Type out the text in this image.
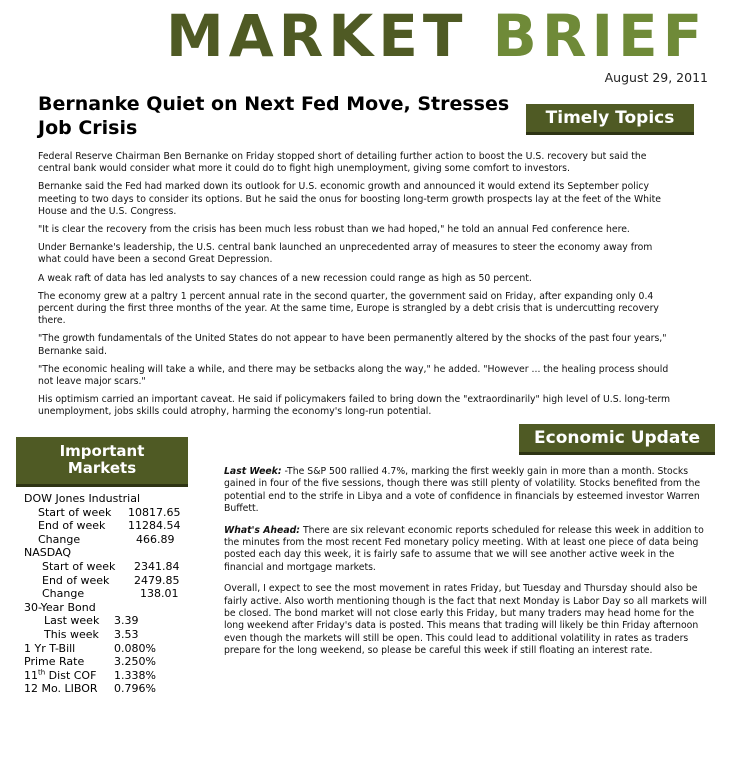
MARKET BRIEF
August 29, 2011
Bernanke Quiet on Next Fed Move, Stresses Job Crisis	Timely Topics

Federal Reserve Chairman Ben Bernanke on Friday stopped short of detailing further action to boost the U.S. recovery but said the central bank would consider what more it could do to fight high unemployment, giving some comfort to investors.

Bernanke said the Fed had marked down its outlook for U.S. economic growth and announced it would extend its September policy meeting to two days to consider its options. But he said the onus for boosting long-term growth prospects lay at the feet of the White House and the U.S. Congress.

"It is clear the recovery from the crisis has been much less robust than we had hoped," he told an annual Fed conference here.

Under Bernanke's leadership, the U.S. central bank launched an unprecedented array of measures to steer the economy away from what could have been a second Great Depression.

A weak raft of data has led analysts to say chances of a new recession could range as high as 50 percent.

The economy grew at a paltry 1 percent annual rate in the second quarter, the government said on Friday, after expanding only 0.4 percent during the first three months of the year. At the same time, Europe is strangled by a debt crisis that is undercutting recovery there.

"The growth fundamentals of the United States do not appear to have been permanently altered by the shocks of the past four years," Bernanke said.

"The economic healing will take a while, and there may be setbacks along the way," he added. "However ... the healing process should not leave major scars."

His optimism carried an important caveat. He said if policymakers failed to bring down the "extraordinarily" high level of U.S. long-term unemployment, jobs skills could atrophy, harming the economy's long-run potential.

Important
Markets
DOW Jones Industrial
Start of week 10817.65
End of week 11284.54
Change	466.89
NASDAQ
Start of week 2341.84
End of week 2479.85
Change	138.01
30-Year Bond
Last week 3.39
This week 3.53
1 Yr T-Bill	0.080%
Prime Rate	3.250%
11th Dist COF 1.338%
12 Mo. LIBOR 0.796%
Economic Update

Last Week: -The S&P 500 rallied 4.7%, marking the first weekly gain in more than a month. Stocks gained in four of the five sessions, though there was still plenty of volatility. Stocks benefited from the potential end to the strife in Libya and a vote of confidence in financials by esteemed investor Warren Buffett.

What's Ahead: There are six relevant economic reports scheduled for release this week in addition to the minutes from the most recent Fed monetary policy meeting. With at least one piece of data being posted each day this week, it is fairly safe to assume that we will see another active week in the financial and mortgage markets.

Overall, I expect to see the most movement in rates Friday, but Tuesday and Thursday should also be fairly active. Also worth mentioning though is the fact that next Monday is Labor Day so all markets will be closed. The bond market will not close early this Friday, but many traders may head home for the long weekend after Friday's data is posted. This means that trading will likely be thin Friday afternoon even though the markets will still be open. This could lead to additional volatility in rates as traders prepare for the long weekend, so please be careful this week if still floating an interest rate.
